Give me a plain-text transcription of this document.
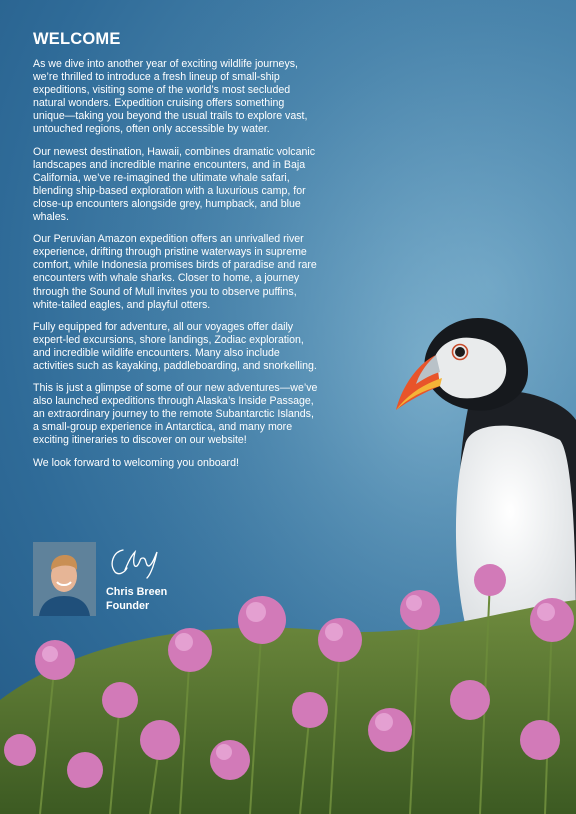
WELCOME

As we dive into another year of exciting wildlife journeys, we’re thrilled to introduce a fresh lineup of small-ship expeditions, visiting some of the world’s most secluded natural wonders. Expedition cruising offers something unique—taking you beyond the usual trails to explore vast, untouched regions, often only accessible by water.

Our newest destination, Hawaii, combines dramatic volcanic landscapes and incredible marine encounters, and in Baja California, we’ve re-imagined the ultimate whale safari, blending ship-based exploration with a luxurious camp, for close-up encounters alongside grey, humpback, and blue whales.

Our Peruvian Amazon expedition offers an unrivalled river experience, drifting through pristine waterways in supreme comfort, while Indonesia promises birds of paradise and rare encounters with whale sharks. Closer to home, a journey through the Sound of Mull invites you to observe puffins, white-tailed eagles, and playful otters.

Fully equipped for adventure, all our voyages offer daily expert-led excursions, shore landings, Zodiac exploration, and incredible wildlife encounters. Many also include activities such as kayaking, paddleboarding, and snorkelling.

This is just a glimpse of some of our new adventures—we’ve also launched expeditions through Alaska’s Inside Passage, an extraordinary journey to the remote Subantarctic Islands, a small-group experience in Antarctica, and many more exciting itineraries to discover on our website!

We look forward to welcoming you onboard!

Chris Breen

Founder
